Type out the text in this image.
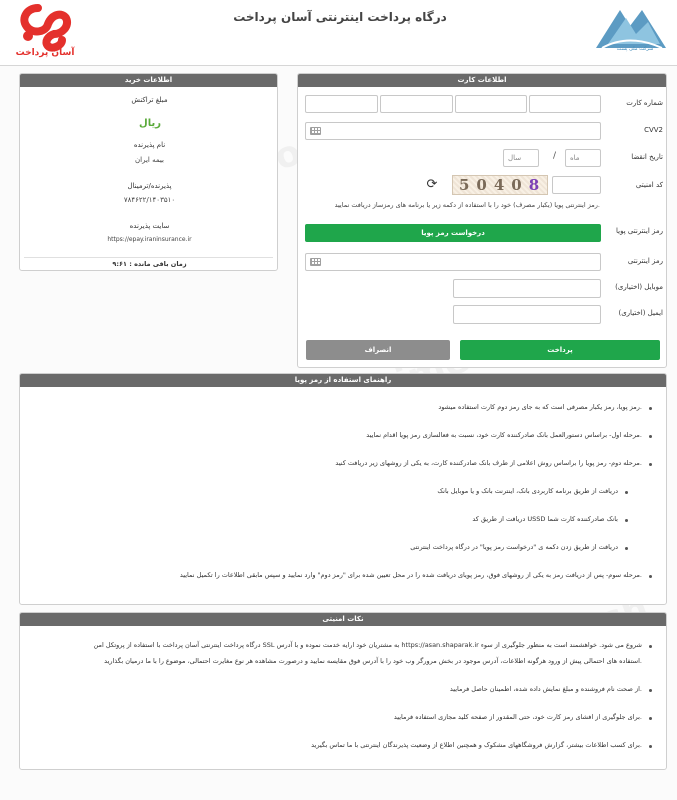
درگاه پرداخت اینترنتی آسان پرداخت
شرکت ملی پست
آسان پرداخت
اطلاعات خرید
مبلغ تراکنش
ریال
نام پذیرنده
بیمه ایران
پذیرنده/ترمینال
۷۸۴۶۲۲/۱۴۰۳۵۱۰
سایت پذیرنده
https://epay.iraninsurance.ir
زمان باقی مانده : ۹:۶۱
اطلاعات کارت
شماره کارت
CVV2
تاریخ انقضا
ماه
/
سال
کد امنیتی
50408
⟳
رمز اینترنتی پویا (یکبار مصرف) خود را با استفاده از دکمه زیر یا برنامه های رمزساز دریافت نمایید.
رمز اینترنتی پویا
درخواست رمز پویا
رمز اینترنتی
موبایل (اختیاری)
ایمیل (اختیاری)
پرداخت
انصراف
راهنمای استفاده از رمز پویا
رمز پویا، رمز یکبار مصرفی است که به جای رمز دوم کارت استفاده میشود.
مرحله اول- براساس دستورالعمل بانک صادرکننده کارت خود، نسبت به فعالسازی رمز پویا اقدام نمایید.
مرحله دوم- رمز پویا را براساس روش اعلامی از طرف بانک صادرکننده کارت، به یکی از روشهای زیر دریافت کنید.
دریافت از طریق برنامه کاربردی بانک، اینترنت بانک و یا موبایل بانک
دریافت از طریق کد USSD بانک صادرکننده کارت شما
دریافت از طریق زدن دکمه ی "درخواست رمز پویا" در درگاه پرداخت اینترنتی
مرحله سوم- پس از دریافت رمز به یکی از روشهای فوق، رمز پویای دریافت شده را در محل تعیین شده برای "رمز دوم" وارد نمایید و سپس مابقی اطلاعات را تکمیل نمایید.
نکات امنیتی
درگاه پرداخت اینترنتی آسان پرداخت با استفاده از پروتکل امن SSL به مشتریان خود ارایه خدمت نموده و با آدرس https://asan.shaparak.ir شروع می شود. خواهشمند است به منظور جلوگیری از سوء
استفاده های احتمالی پیش از ورود هرگونه اطلاعات، آدرس موجود در بخش مرورگر وب خود را با آدرس فوق مقایسه نمایید و درصورت مشاهده هر نوع مغایرت احتمالی، موضوع را با ما درمیان بگذارید.
از صحت نام فروشنده و مبلغ نمایش داده شده، اطمینان حاصل فرمایید.
برای جلوگیری از افشای رمز کارت خود، حتی المقدور از صفحه کلید مجازی استفاده فرمایید.
برای کسب اطلاعات بیشتر، گزارش فروشگاههای مشکوک و همچنین اطلاع از وضعیت پذیرندگان اینترنتی با ما تماس بگیرید.
